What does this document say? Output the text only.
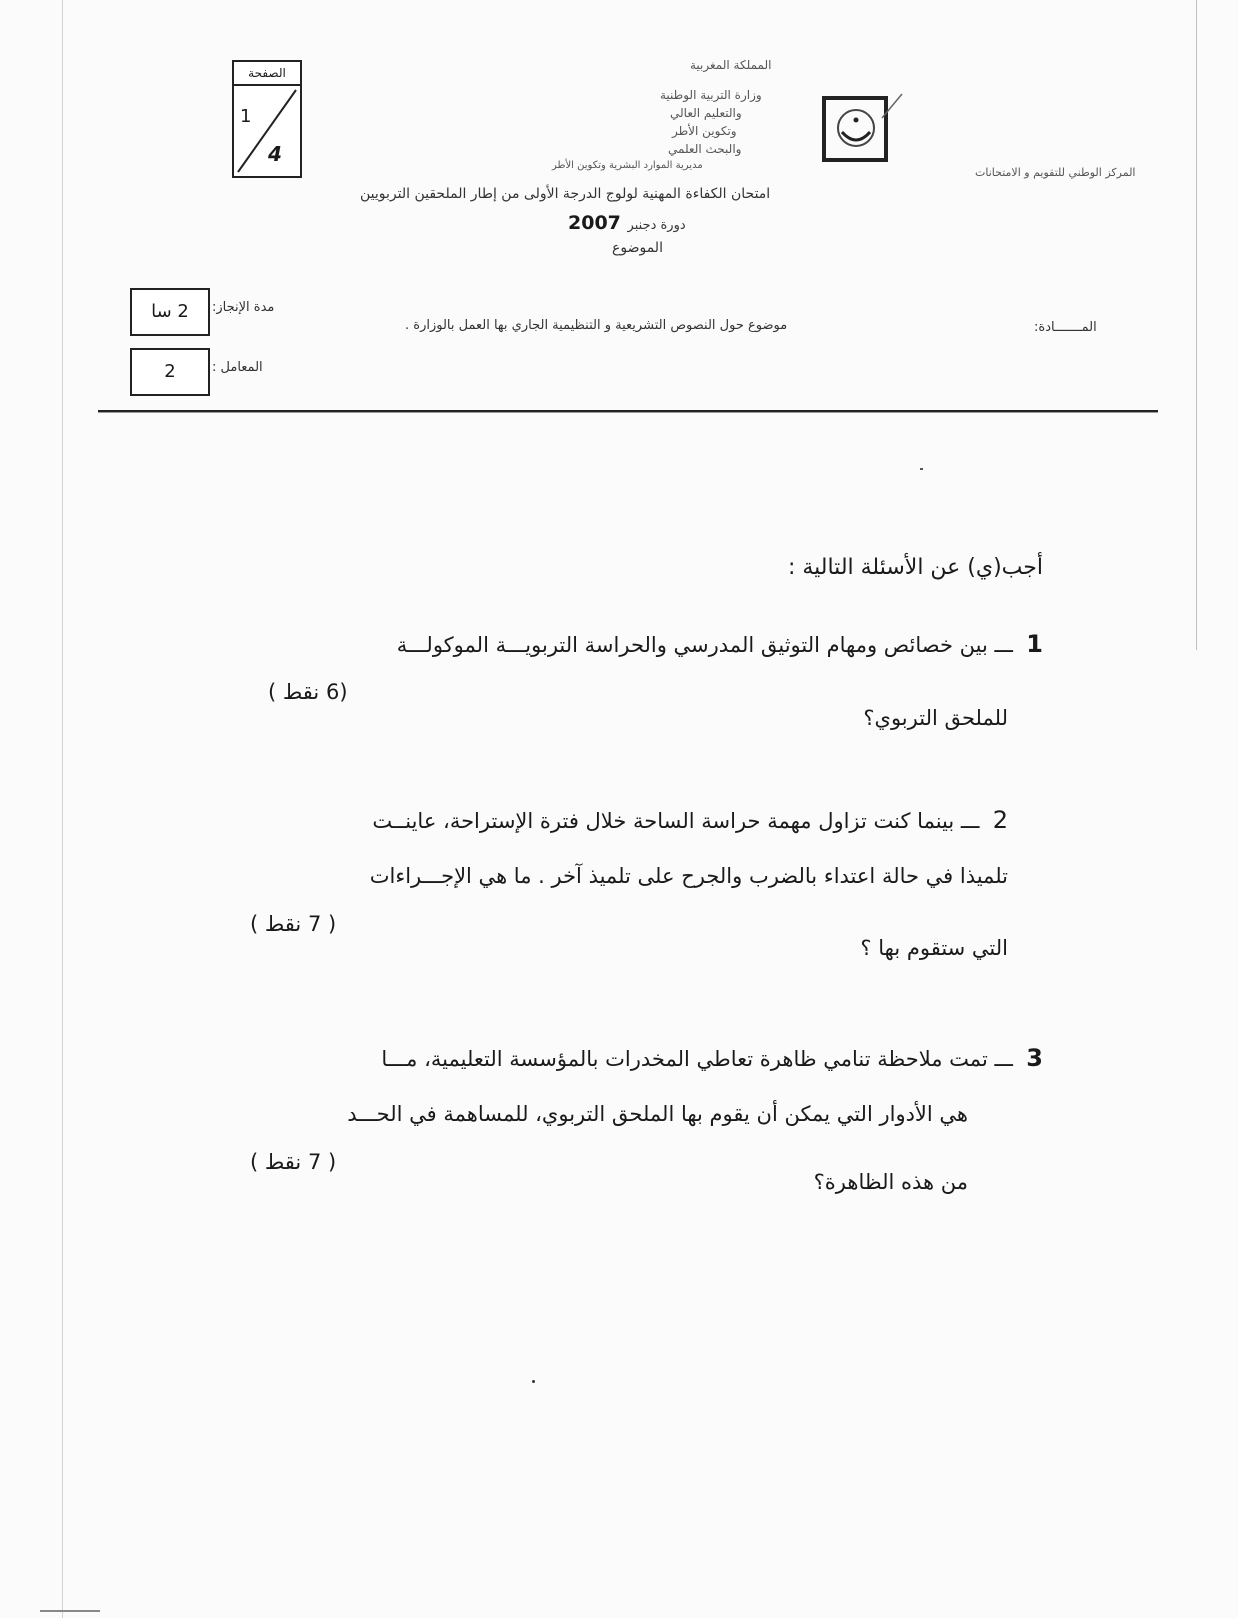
الصفحة
1
4
المملكة المغربية
وزارة التربية الوطنية
والتعليم العالي
وتكوين الأطر
والبحث العلمي
مديرية الموارد البشرية وتكوين الأطر
المركز الوطني للتقويم و الامتحانات
امتحان الكفاءة المهنية لولوج الدرجة الأولى من إطار الملحقين التربويين
دورة دجنبر 2007
الموضوع
2 سا	مدة الإنجاز:
2	المعامل :
موضوع حول النصوص التشريعية و التنظيمية الجاري بها العمل بالوزارة .	المـــــــادة:
أجب(ي) عن الأسئلة التالية :
1  ـــ بين خصائص ومهام التوثيق المدرسي والحراسة التربويـــة الموكولـــة
للملحق التربوي؟
(6 نقط )
2  ـــ بينما كنت تزاول مهمة حراسة الساحة خلال فترة الإستراحة، عاينــت
تلميذا في حالة اعتداء بالضرب والجرح على تلميذ آخر . ما هي الإجـــراءات
التي ستقوم بها ؟
( 7 نقط )
3  ـــ تمت ملاحظة تنامي ظاهرة تعاطي المخدرات بالمؤسسة التعليمية، مـــا
هي الأدوار التي يمكن أن يقوم بها الملحق التربوي، للمساهمة في الحـــد
من هذه الظاهرة؟
( 7 نقط )
